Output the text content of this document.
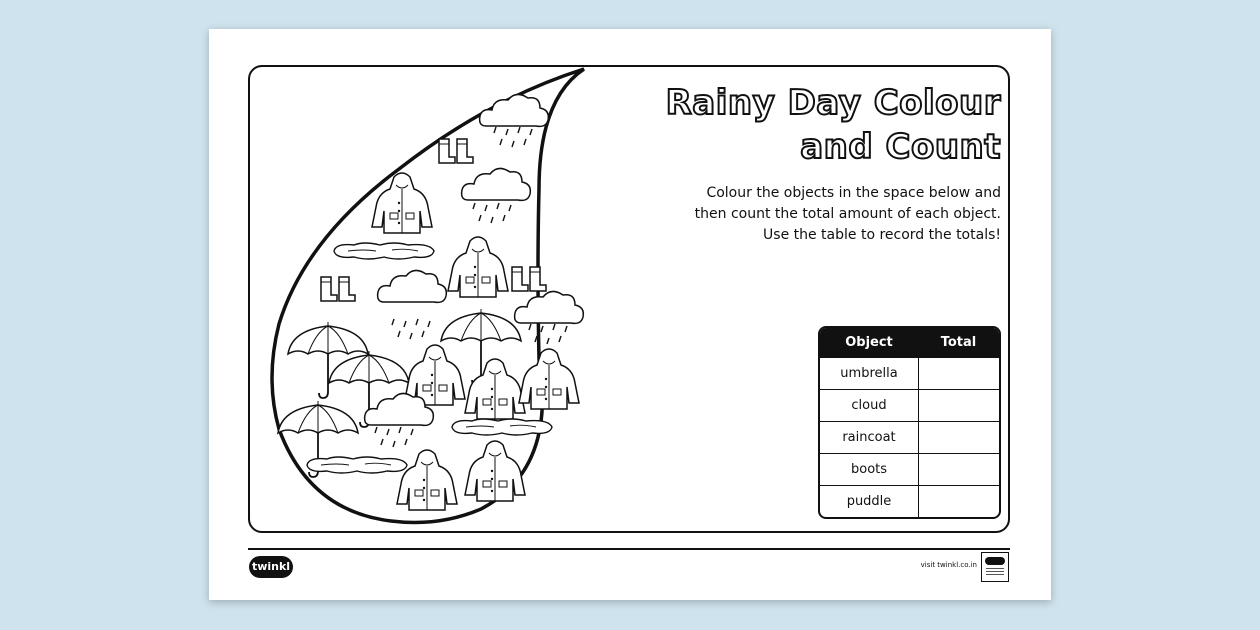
Rainy Day Colour
and Count
Colour the objects in the space below and then count the total amount of each object. Use the table to record the totals!
Object	Total
umbrella	
cloud	
raincoat	
boots	
puddle	
twinkl	visit twinkl.co.in
